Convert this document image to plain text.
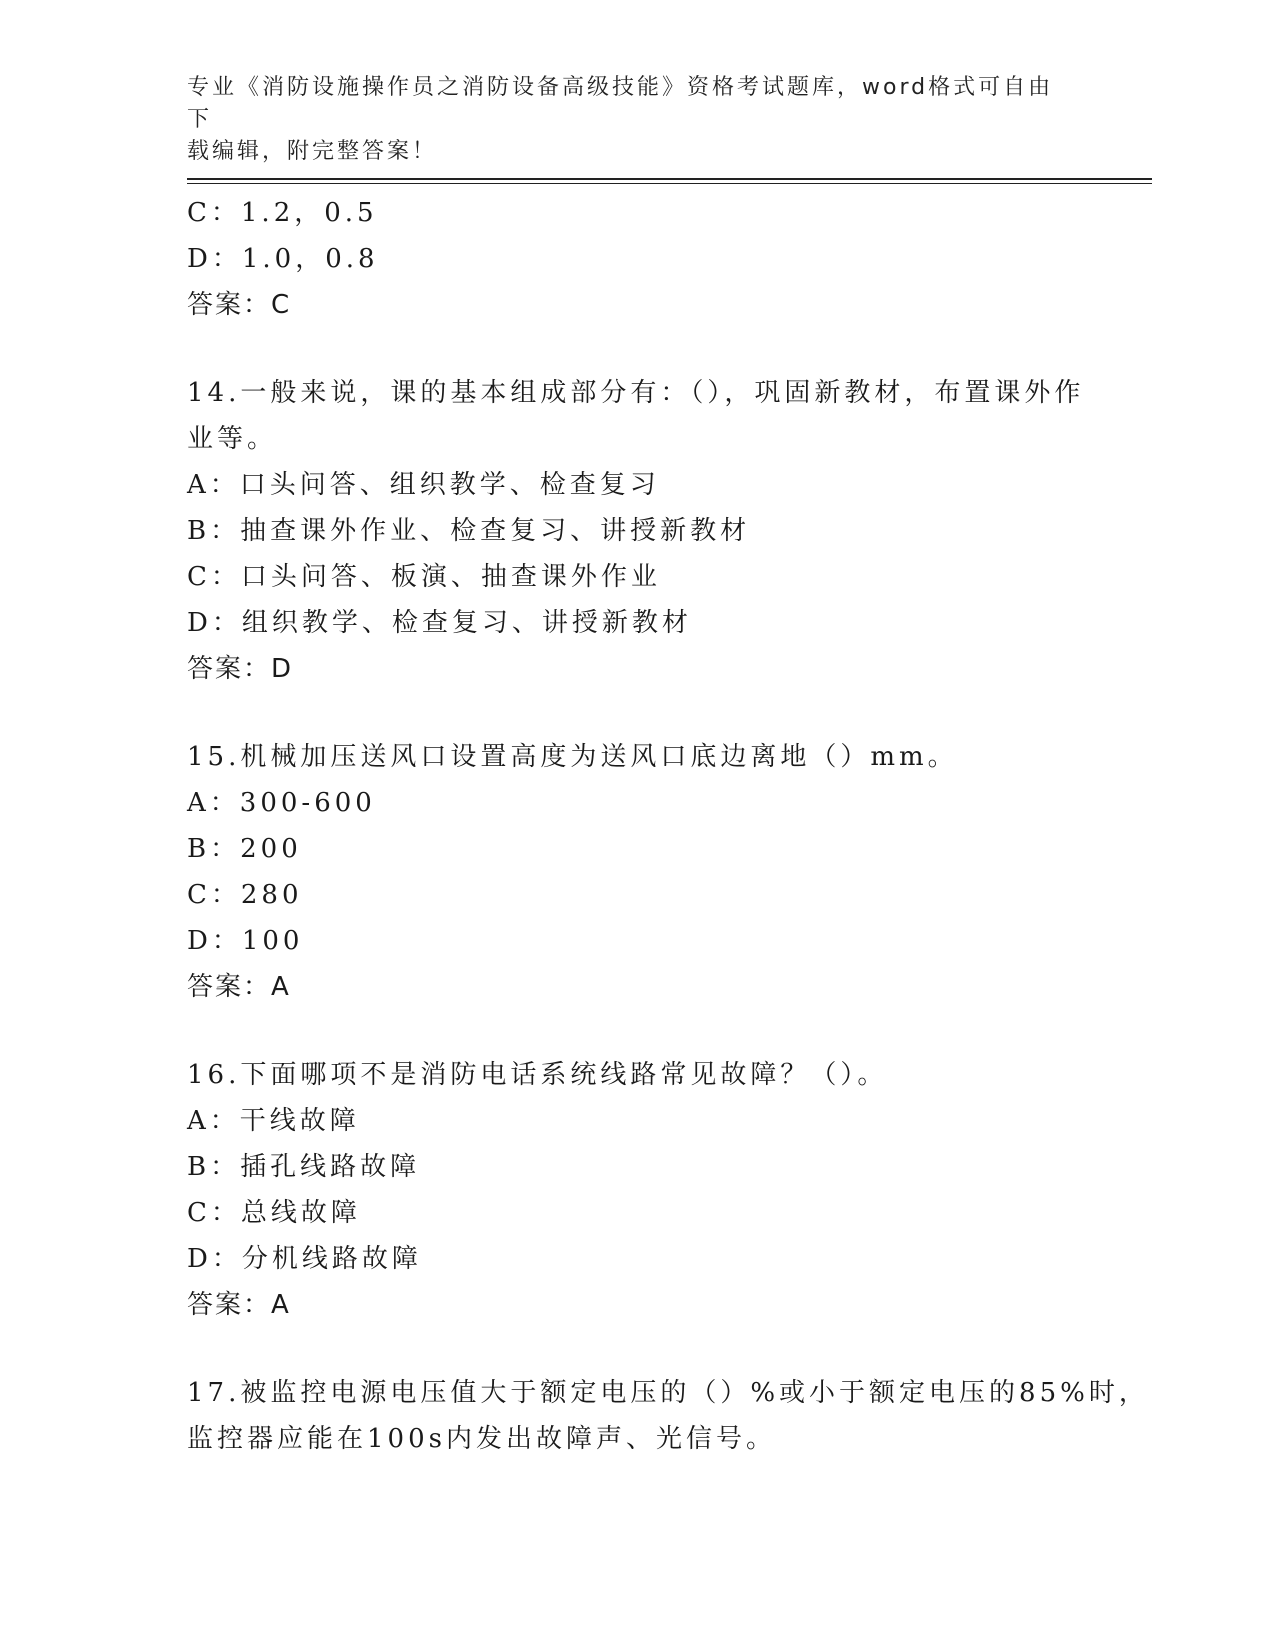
专业《消防设施操作员之消防设备高级技能》资格考试题库，word格式可自由下
载编辑，附完整答案！
C：1.2，0.5
D：1.0，0.8
答案：C
14.一般来说，课的基本组成部分有：（），巩固新教材，布置课外作
业等。
A：口头问答、组织教学、检查复习
B：抽查课外作业、检查复习、讲授新教材
C：口头问答、板演、抽查课外作业
D：组织教学、检查复习、讲授新教材
答案：D
15.机械加压送风口设置高度为送风口底边离地（）mm。
A：300-600
B：200
C：280
D：100
答案：A
16.下面哪项不是消防电话系统线路常见故障？（）。
A：干线故障
B：插孔线路故障
C：总线故障
D：分机线路故障
答案：A
17.被监控电源电压值大于额定电压的（）%或小于额定电压的85%时，
监控器应能在100s内发出故障声、光信号。
